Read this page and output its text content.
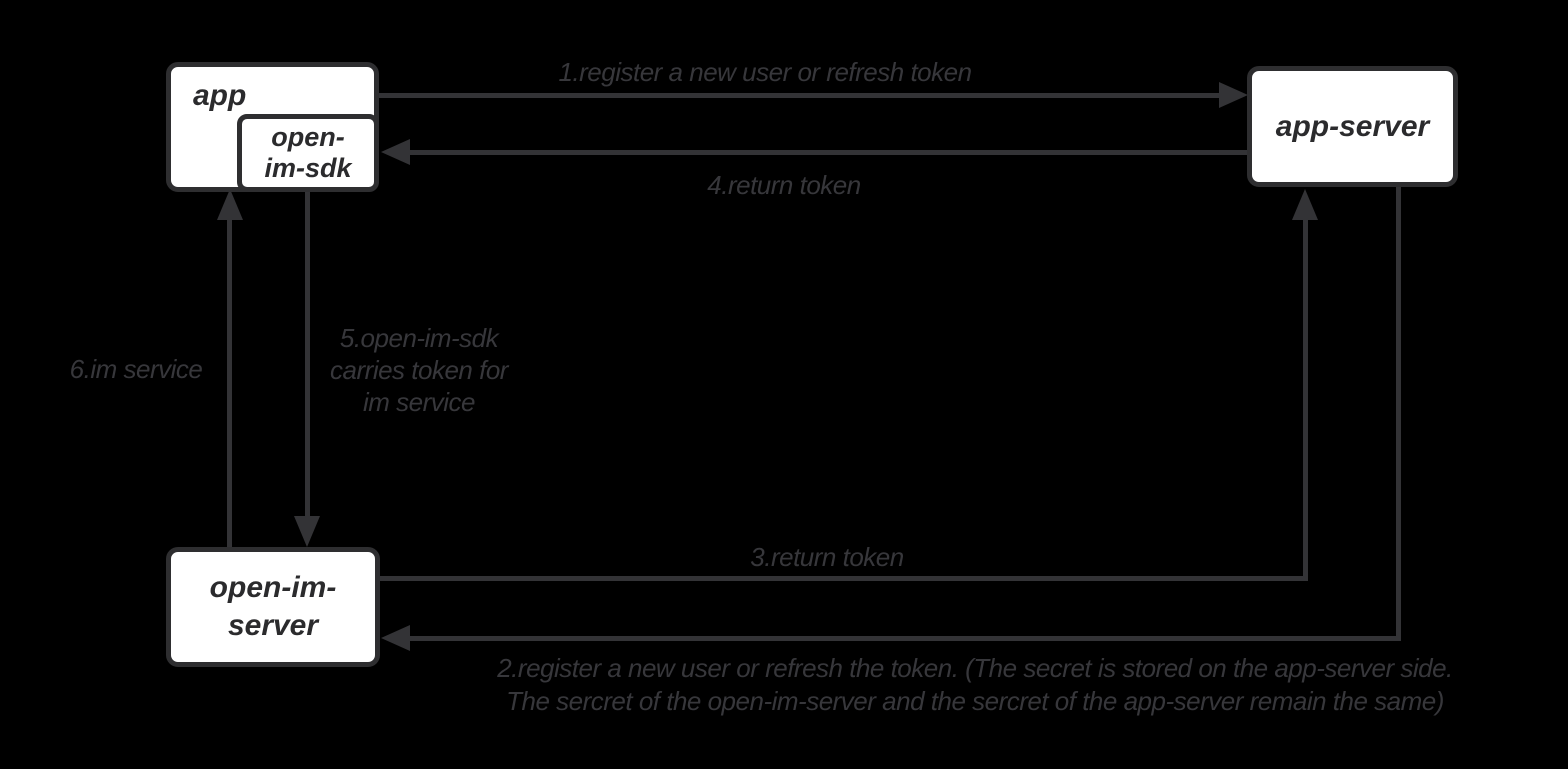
1.register a new user or refresh token
4.return token
6.im service
5.open-im-sdk
carries token for
im service
3.return token
2.register a new user or refresh the token. (The secret is stored on the app-server side.
The sercret of the open-im-server and the sercret of the app-server remain the same)
app
open-
im-sdk
app-server
open-im-
server
